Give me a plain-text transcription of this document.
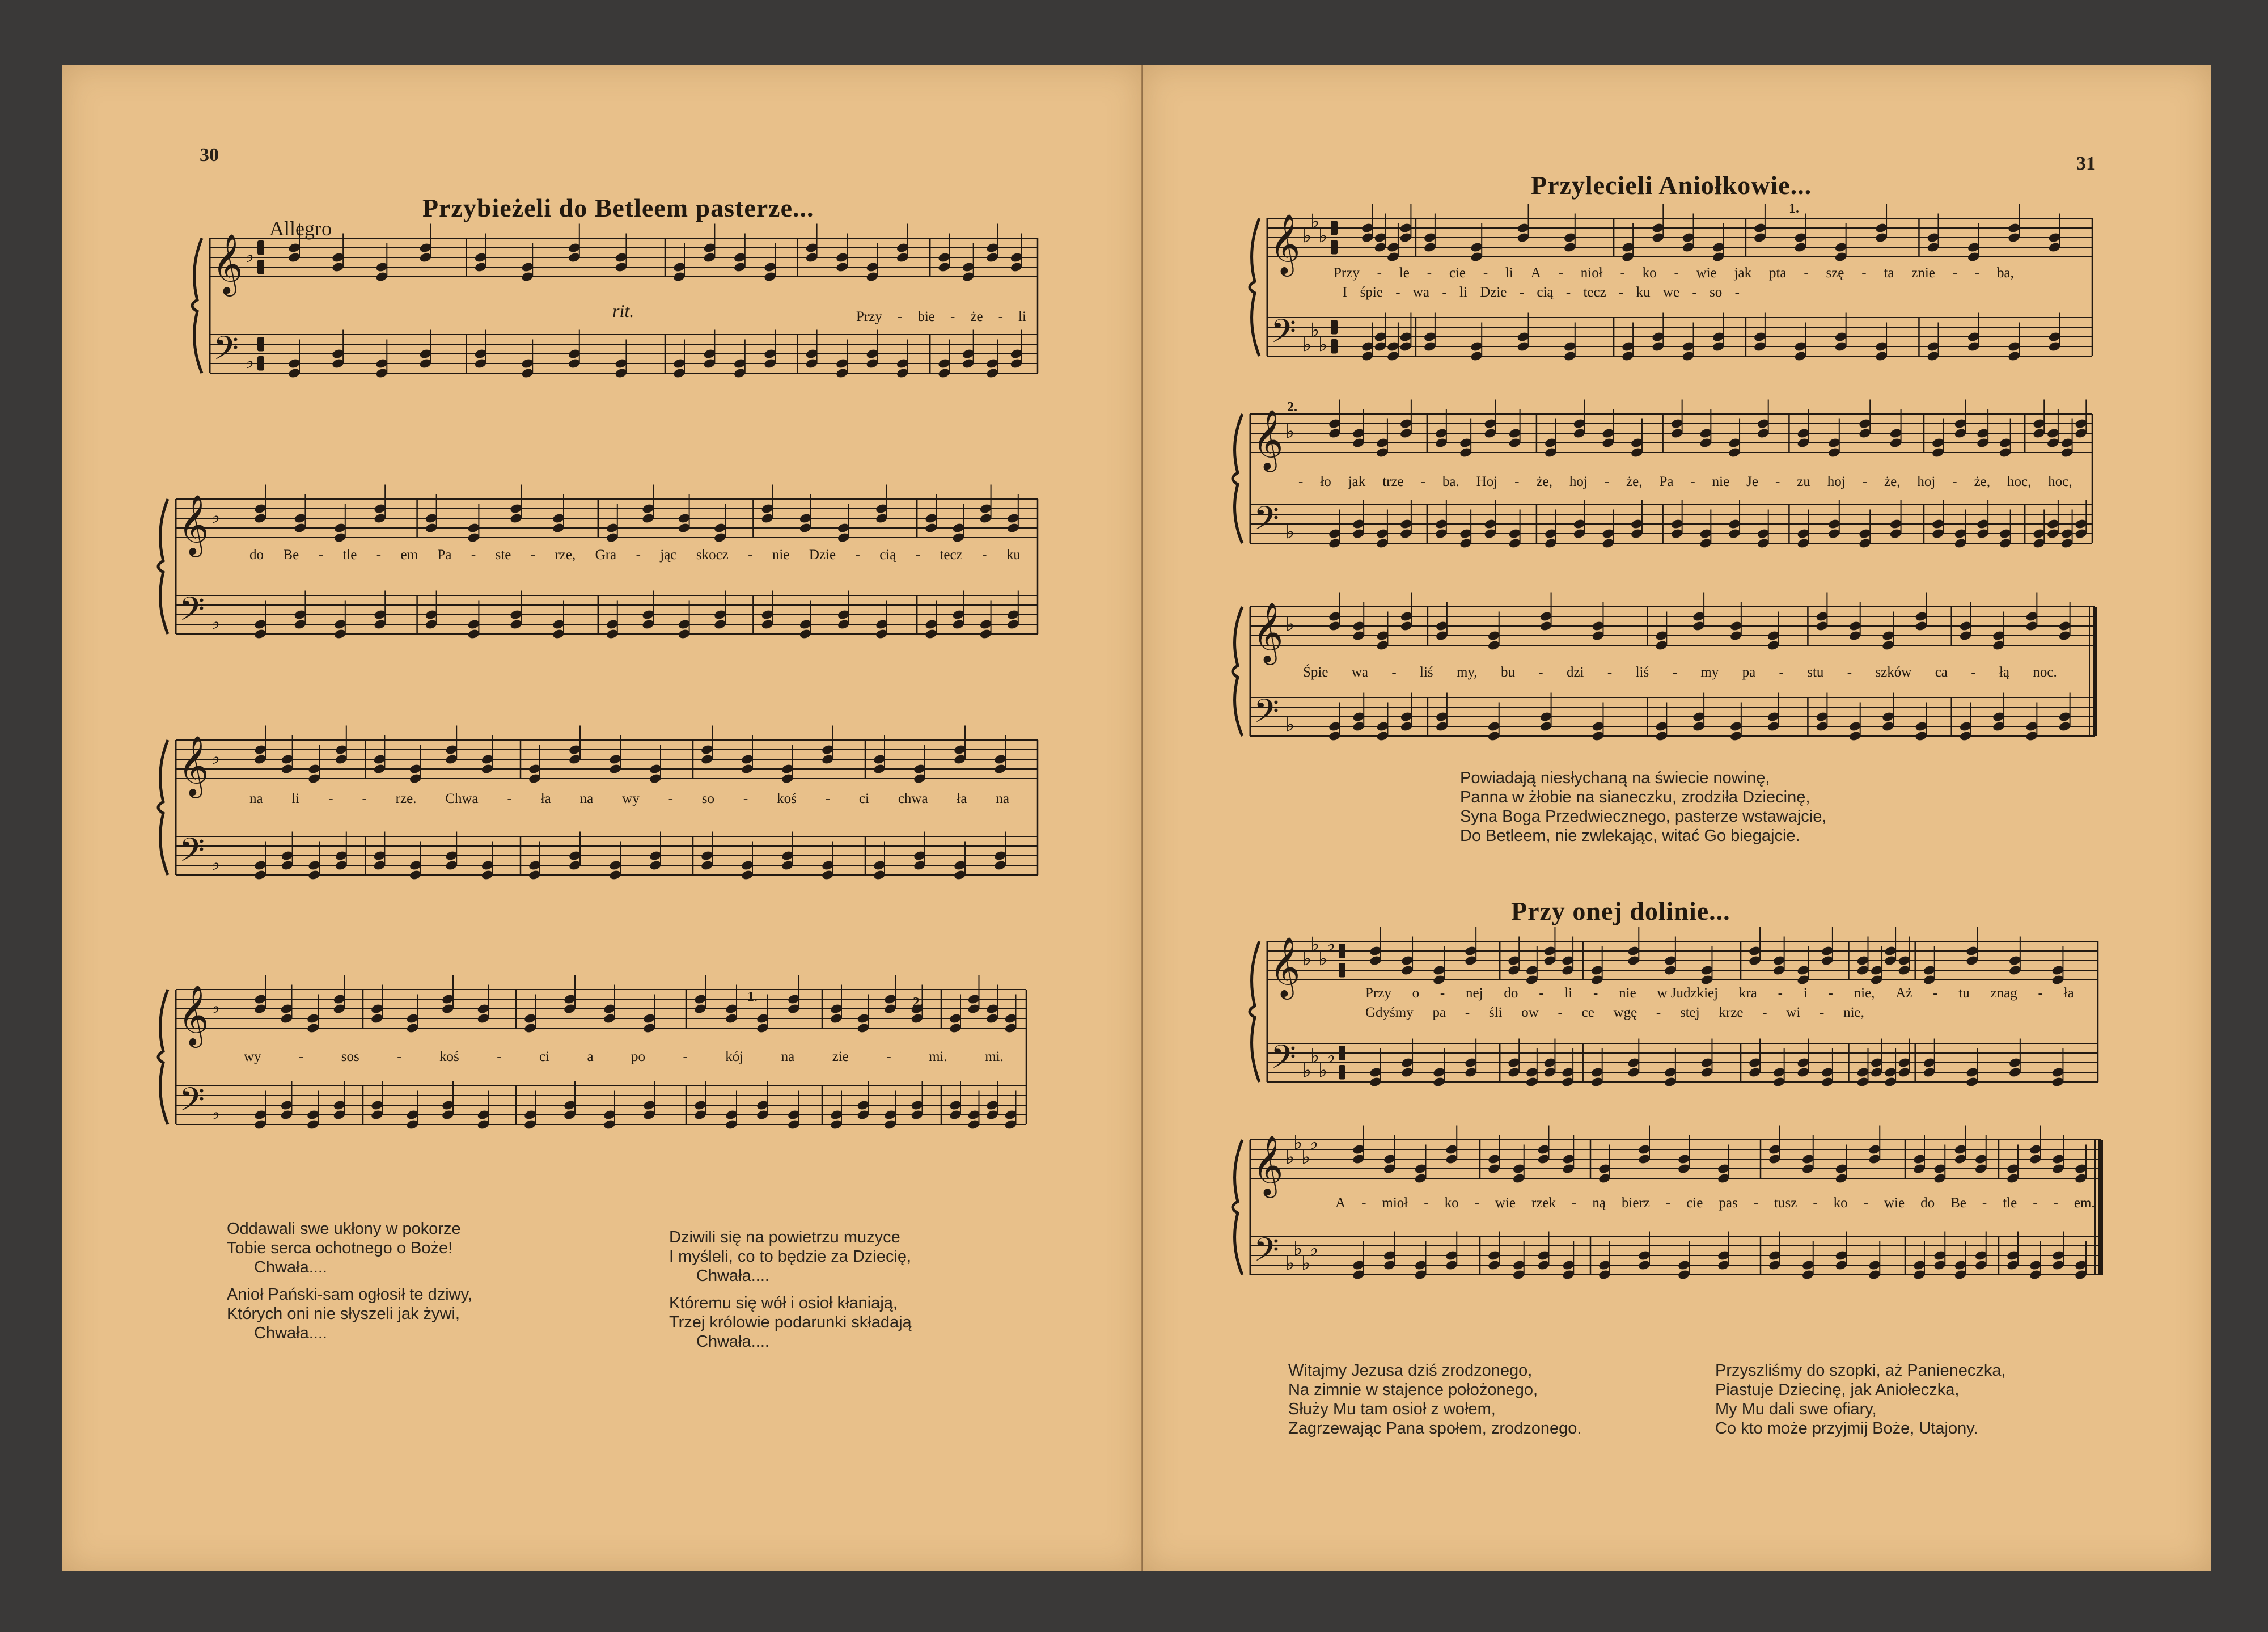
30
Przybieżeli do Betleem pasterze...
Allegro
rit.
𝄞
𝄢
♭
♭
Przy - bie - że - li
𝄞
𝄢
♭
♭
do Be - tle - em Pa - ste - rze, Gra - jąc skocz - nie Dzie - cią - tecz - ku
𝄞
𝄢
♭
♭
na li - - rze. Chwa - ła na wy - so - koś - ci chwa ła na
𝄞
𝄢
♭
♭
wy	-	sos	-	koś	-	ci	a	po	-	kój	na	zie	-	mi.	mi.
1.	2.
Oddawali swe ukłony w pokorze
Tobie serca ochotnego o Boże!
Chwała....
Anioł Pański-sam ogłosił te dziwy,
Których oni nie słyszeli jak żywi,
Chwała....
Dziwili się na powietrzu muzyce
I myśleli, co to będzie za Dziecię,
Chwała....
Któremu się wół i osioł kłaniają,
Trzej królowie podarunki składają
Chwała....
31
Przylecieli Aniołkowie...
1.
2.
𝄞
𝄢
♭
♭
♭
♭
♭
♭
Przy - le - cie - li A - nioł - ko - wie jak pta - szę - ta znie - - ba,
I śpie - wa - li Dzie - cią - tecz - ku we - so -
𝄞
𝄢
♭
♭
- ło jak trze - ba. Hoj - że, hoj - że, Pa - nie Je - zu hoj - że, hoj - że, hoc, hoc,
𝄞
𝄢
♭
♭
Śpie wa - liś my, bu - dzi - liś - my pa - stu - szków ca - łą noc.
Powiadają niesłychaną na świecie nowinę,
Panna w żłobie na sianeczku, zrodziła Dziecinę,
Syna Boga Przedwiecznego, pasterze wstawajcie,
Do Betleem, nie zwlekając, witać Go biegajcie.
Przy onej dolinie...
𝄞
𝄢
♭
♭
♭
♭
♭
♭
♭
♭
Przy o - nej do - li - nie w Judzkiej kra - i - nie, Aż - tu znag - ła
Gdyśmy pa - śli ow - ce wgę - stej krze - wi - nie,
𝄞
𝄢
♭
♭
♭
♭
♭
♭
♭
♭
A - mioł - ko - wie rzek - ną bierz - cie pas - tusz - ko - wie do Be - tle - - em.
Witajmy Jezusa dziś zrodzonego,
Na zimnie w stajence położonego,
Służy Mu tam osioł z wołem,
Zagrzewając Pana społem, zrodzonego.
Przyszliśmy do szopki, aż Panieneczka,
Piastuje Dziecinę, jak Aniołeczka,
My Mu dali swe ofiary,
Co kto może przyjmij Boże, Utajony.
